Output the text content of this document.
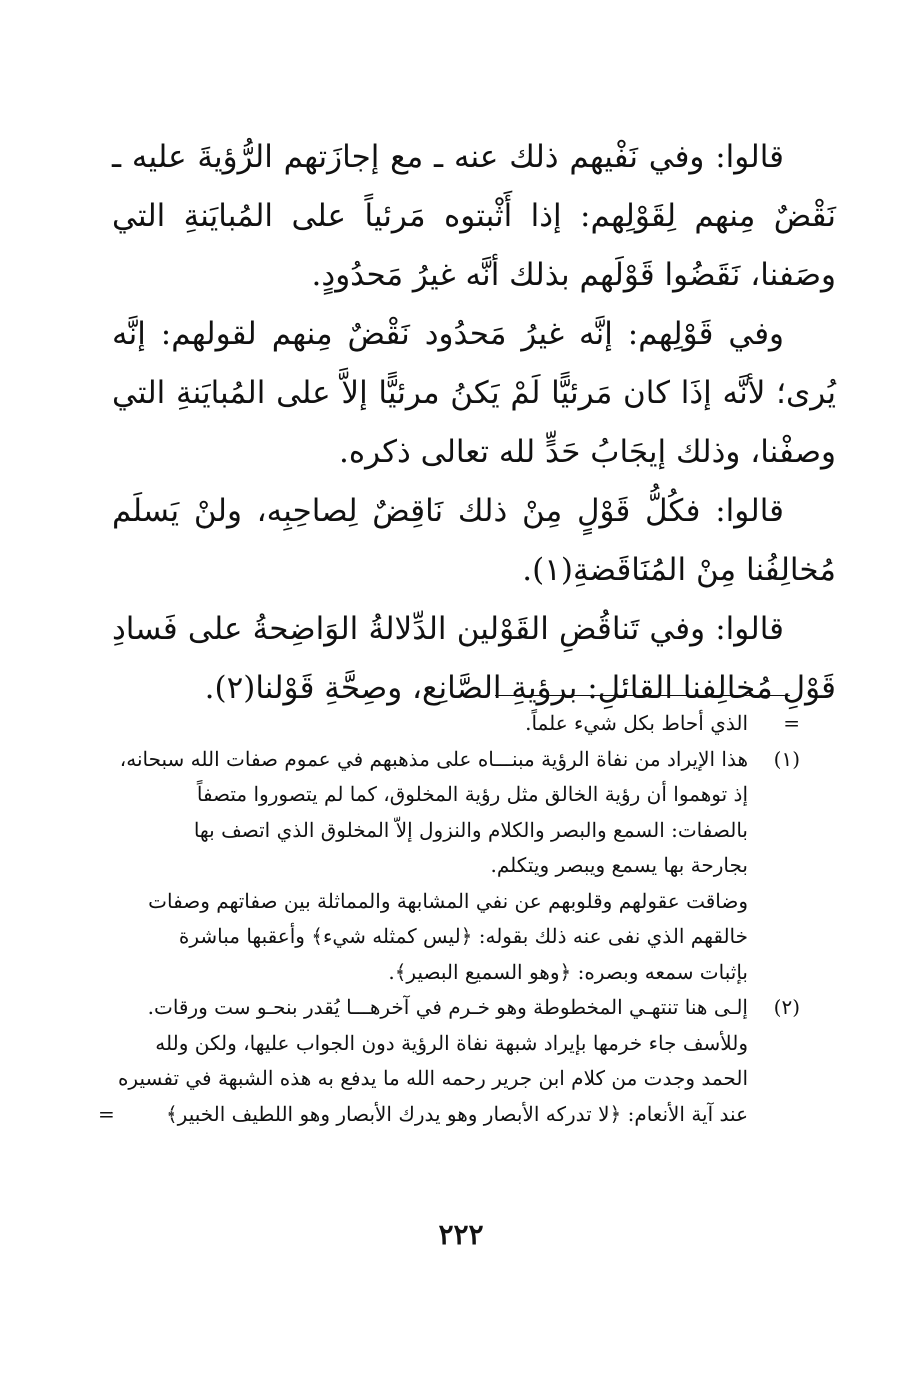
قالوا: وفي نَفْيهم ذلك عنه ـ مع إجازَتهم الرُّؤيةَ عليه ـ نَقْضٌ مِنهم لِقَوْلِهم: إذا أَثْبتوه مَرئياً على المُبايَنةِ التي وصَفنا، نَقَضُوا قَوْلَهم بذلك أنَّه غيرُ مَحدُودٍ.

وفي قَوْلِهم: إنَّه غيرُ مَحدُود نَقْضٌ مِنهم لقولهم: إنَّه يُرى؛ لأنَّه إذَا كان مَرئيًّا لَمْ يَكنُ مرئيًّا إلاَّ على المُبايَنةِ التي وصفْنا، وذلك إيجَابُ حَدٍّ لله تعالى ذكره.

قالوا: فكُلُّ قَوْلٍ مِنْ ذلك نَاقِضٌ لِصاحِبِه، ولنْ يَسلَم مُخالِفُنا مِنْ المُنَاقَضةِ(١).

قالوا: وفي تَناقُضِ القَوْلين الدِّلالةُ الوَاضِحةُ على فَسادِ قَوْلِ مُخالِفنا القائلِ: برؤيةِ الصَّانِع، وصِحَّةِ قَوْلنا(٢).

=
الذي أحاط بكل شيء علماً.
(١)
هذا الإيراد من نفاة الرؤية مبنـــاه على مذهبهم في عموم صفات الله سبحانه،
إذ توهموا أن رؤية الخالق مثل رؤية المخلوق، كما لم يتصوروا متصفاً
بالصفات: السمع والبصر والكلام والنزول إلاّ المخلوق الذي اتصف بها
بجارحة بها يسمع ويبصر ويتكلم.
وضاقت عقولهم وقلوبهم عن نفي المشابهة والمماثلة بين صفاتهم وصفات
خالقهم الذي نفى عنه ذلك بقوله: ﴿ليس كمثله شيء﴾ وأعقبها مباشرة
بإثبات سمعه وبصره: ﴿وهو السميع البصير﴾.
(٢)
إلـى هنا تنتهـي المخطوطة وهو خـرم في آخرهـــا يُقدر بنحـو ست ورقات.
وللأسف جاء خرمها بإيراد شبهة نفاة الرؤية دون الجواب عليها، ولكن ولله
الحمد وجدت من كلام ابن جرير رحمه الله ما يدفع به هذه الشبهة في تفسيره
عند آية الأنعام: ﴿لا تدركه الأبصار وهو يدرك الأبصار وهو اللطيف الخبير﴾
=
٢٢٢
